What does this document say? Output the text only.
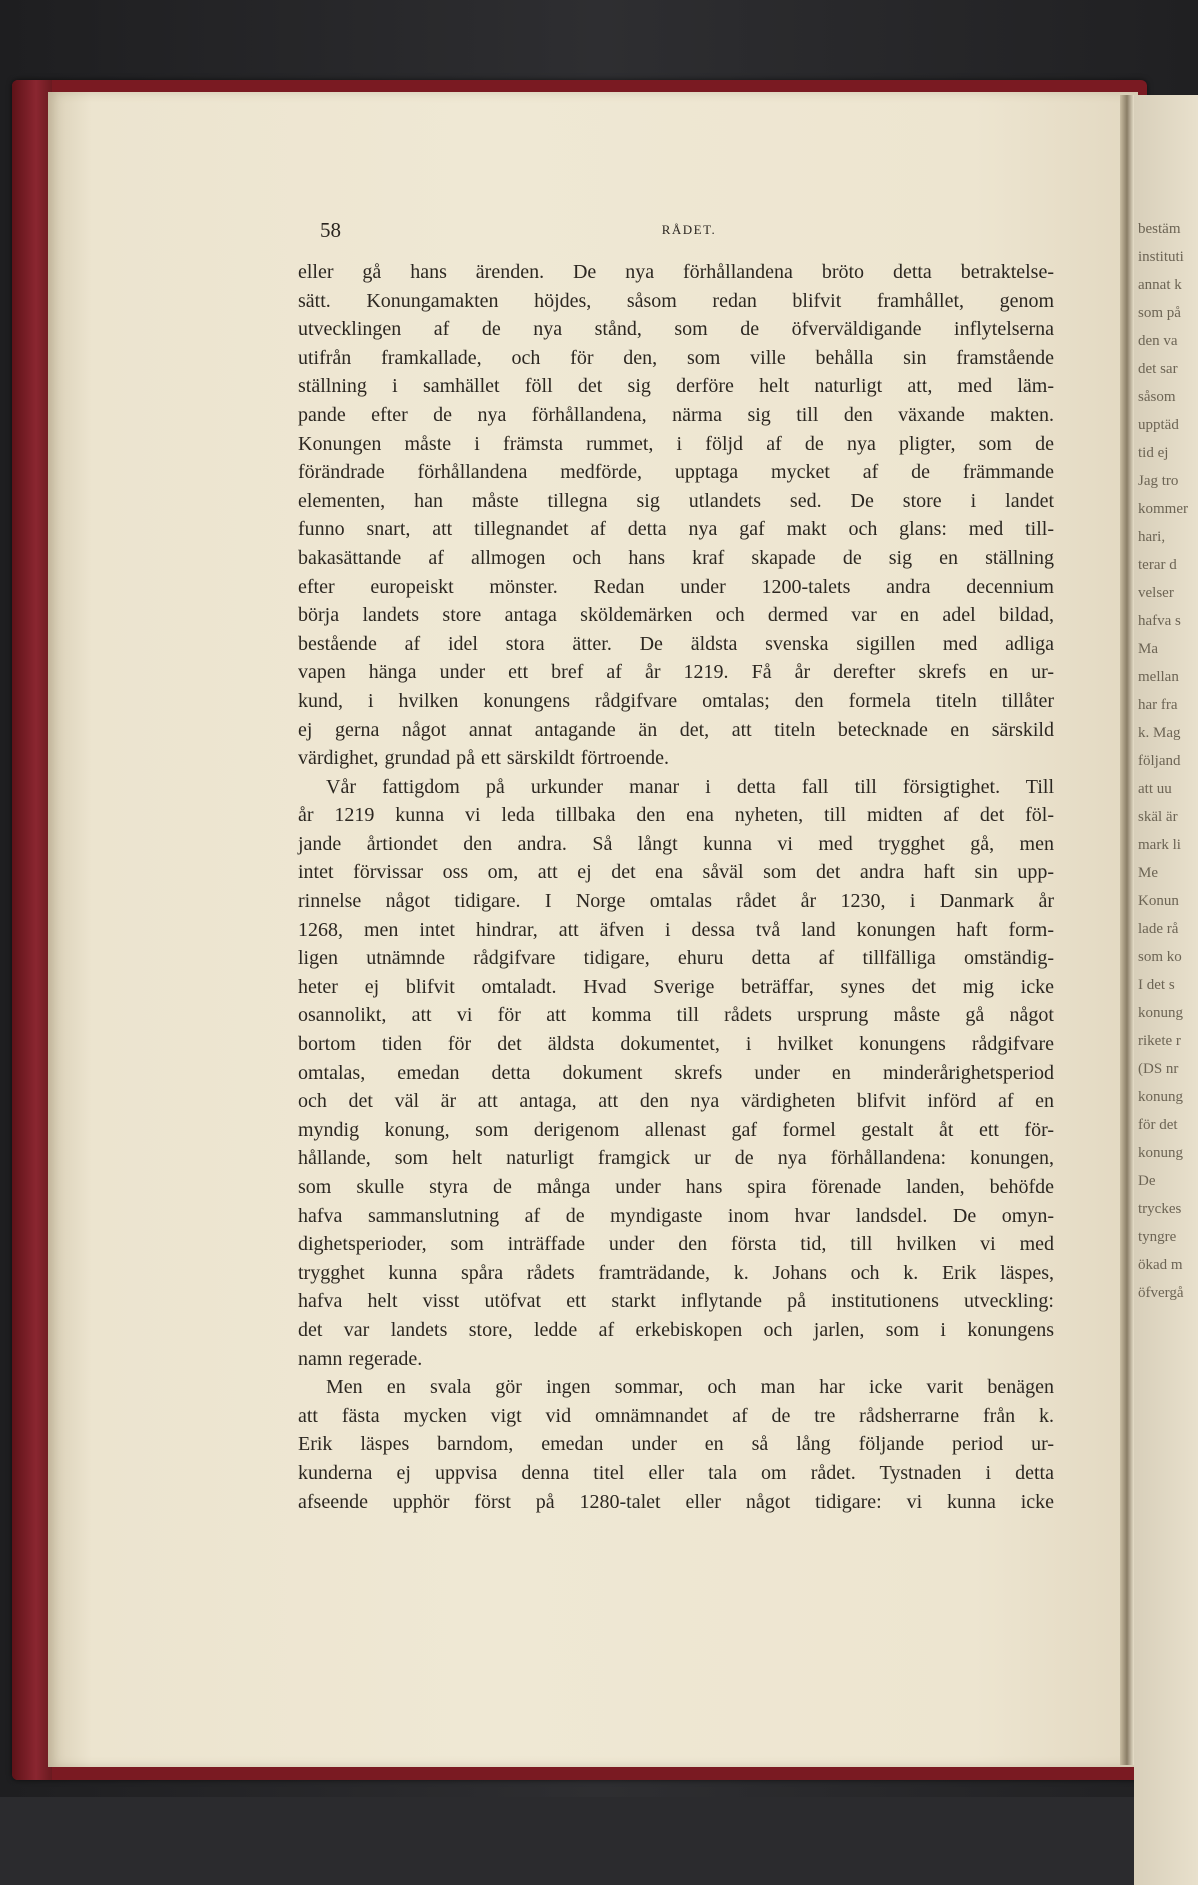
bestäm
instituti
annat k
som på
den va
det sar
såsom
upptäd
tid ej
Jag tro
kommer
hari,
terar d
velser
hafva s
Ma
mellan
har fra
k. Mag
följand
att uu
skäl är
mark li
Me
Konun
lade rå
som ko
I det s
konung
rikete r
(DS nr
konung
för det
konung
De
tryckes
tyngre
ökad m
öfvergå
58	RÅDET.
eller gå hans ärenden. De nya förhållandena bröto detta betraktelse-
sätt. Konungamakten höjdes, såsom redan blifvit framhållet, genom
utvecklingen af de nya stånd, som de öfverväldigande inflytelserna
utifrån framkallade, och för den, som ville behålla sin framstående
ställning i samhället föll det sig derföre helt naturligt att, med läm-
pande efter de nya förhållandena, närma sig till den växande makten.
Konungen måste i främsta rummet, i följd af de nya pligter, som de
förändrade förhållandena medförde, upptaga mycket af de främmande
elementen, han måste tillegna sig utlandets sed. De store i landet
funno snart, att tillegnandet af detta nya gaf makt och glans: med till-
bakasättande af allmogen och hans kraf skapade de sig en ställning
efter europeiskt mönster. Redan under 1200-talets andra decennium
börja landets store antaga sköldemärken och dermed var en adel bildad,
bestående af idel stora ätter. De äldsta svenska sigillen med adliga
vapen hänga under ett bref af år 1219. Få år derefter skrefs en ur-
kund, i hvilken konungens rådgifvare omtalas; den formela titeln tillåter
ej gerna något annat antagande än det, att titeln betecknade en särskild
värdighet, grundad på ett särskildt förtroende.
Vår fattigdom på urkunder manar i detta fall till försigtighet. Till
år 1219 kunna vi leda tillbaka den ena nyheten, till midten af det föl-
jande årtiondet den andra. Så långt kunna vi med trygghet gå, men
intet förvissar oss om, att ej det ena såväl som det andra haft sin upp-
rinnelse något tidigare. I Norge omtalas rådet år 1230, i Danmark år
1268, men intet hindrar, att äfven i dessa två land konungen haft form-
ligen utnämnde rådgifvare tidigare, ehuru detta af tillfälliga omständig-
heter ej blifvit omtaladt. Hvad Sverige beträffar, synes det mig icke
osannolikt, att vi för att komma till rådets ursprung måste gå något
bortom tiden för det äldsta dokumentet, i hvilket konungens rådgifvare
omtalas, emedan detta dokument skrefs under en minderårighetsperiod
och det väl är att antaga, att den nya värdigheten blifvit införd af en
myndig konung, som derigenom allenast gaf formel gestalt åt ett för-
hållande, som helt naturligt framgick ur de nya förhållandena: konungen,
som skulle styra de många under hans spira förenade landen, behöfde
hafva sammanslutning af de myndigaste inom hvar landsdel. De omyn-
dighetsperioder, som inträffade under den första tid, till hvilken vi med
trygghet kunna spåra rådets framträdande, k. Johans och k. Erik läspes,
hafva helt visst utöfvat ett starkt inflytande på institutionens utveckling:
det var landets store, ledde af erkebiskopen och jarlen, som i konungens
namn regerade.
Men en svala gör ingen sommar, och man har icke varit benägen
att fästa mycken vigt vid omnämnandet af de tre rådsherrarne från k.
Erik läspes barndom, emedan under en så lång följande period ur-
kunderna ej uppvisa denna titel eller tala om rådet. Tystnaden i detta
afseende upphör först på 1280-talet eller något tidigare: vi kunna icke
